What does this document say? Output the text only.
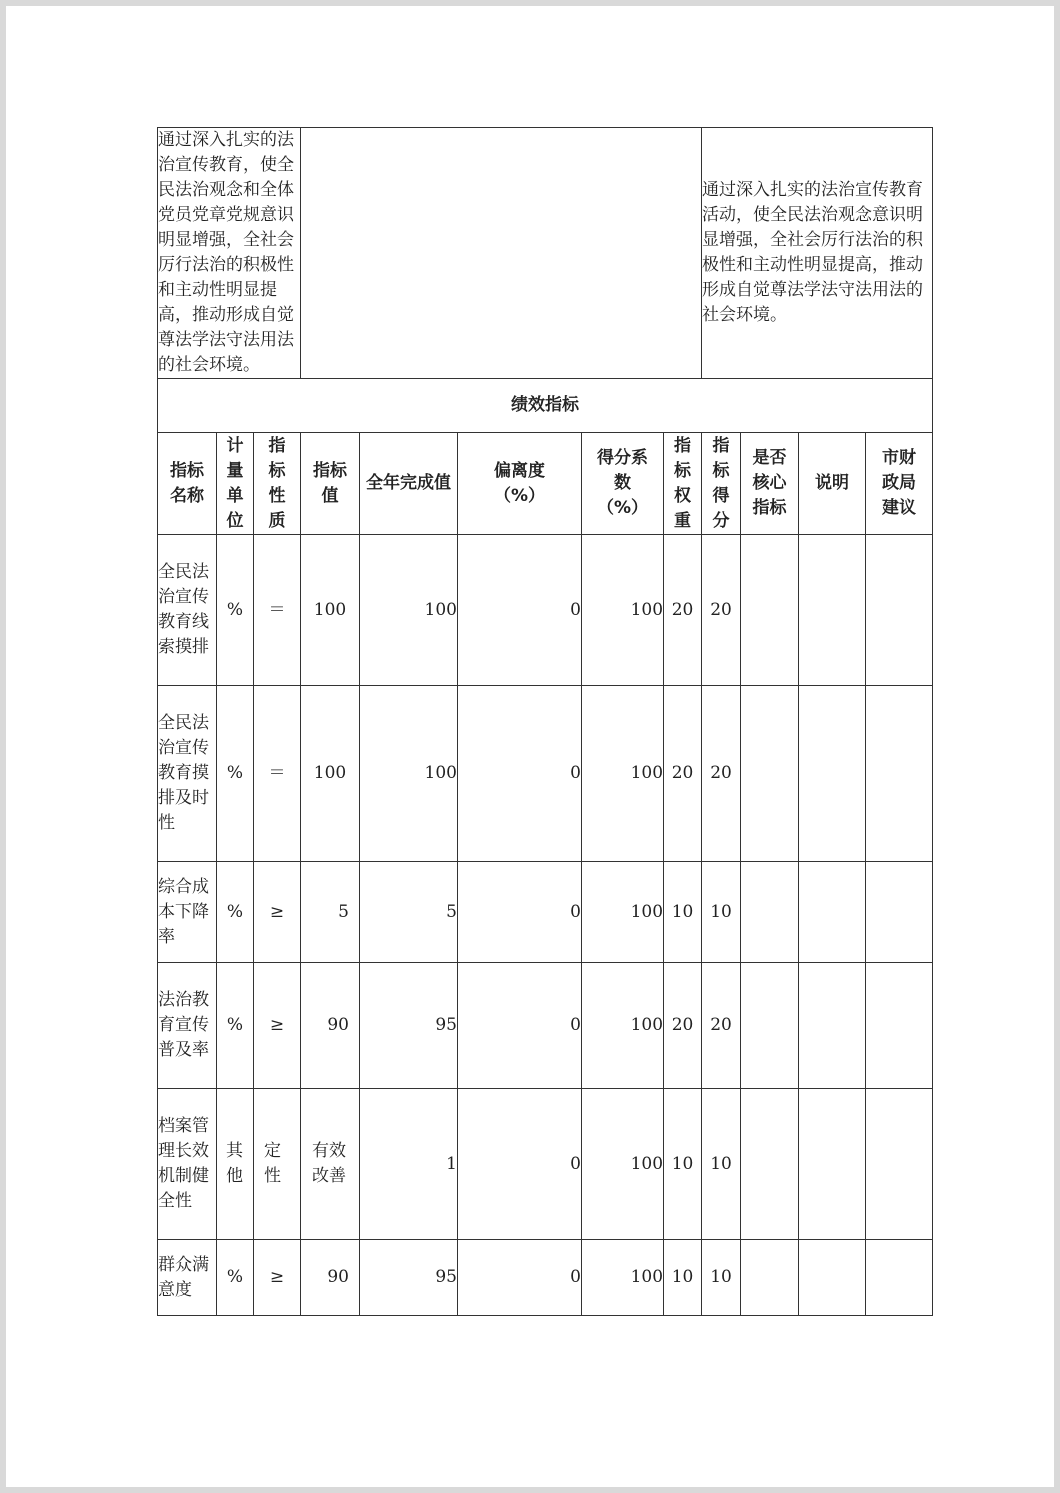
通过深入扎实的法治宣传教育，使全民法治观念和全体党员党章党规意识明显增强，全社会厉行法治的积极性和主动性明显提高，推动形成自觉尊法学法守法用法的社会环境。								通过深入扎实的法治宣传教育活动，使全民法治观念意识明显增强，全社会厉行法治的积极性和主动性明显提高，推动形成自觉尊法学法守法用法的社会环境。			
绩效指标											
指标名称	计量单位	指标性质	指标值	全年完成值	偏离度（%）	得分系数（%）	指标权重	指标得分	是否核心指标	说明	市财政局建议
全民法治宣传教育线索摸排	%	＝	100	100	0	100	20	20			
全民法治宣传教育摸排及时性	%	＝	100	100	0	100	20	20			
综合成本下降率	%	≥	5	5	0	100	10	10			
法治教育宣传普及率	%	≥	90	95	0	100	20	20			
档案管理长效机制健全性	其他	定性	有效改善	1	0	100	10	10			
群众满意度	%	≥	90	95	0	100	10	10			
